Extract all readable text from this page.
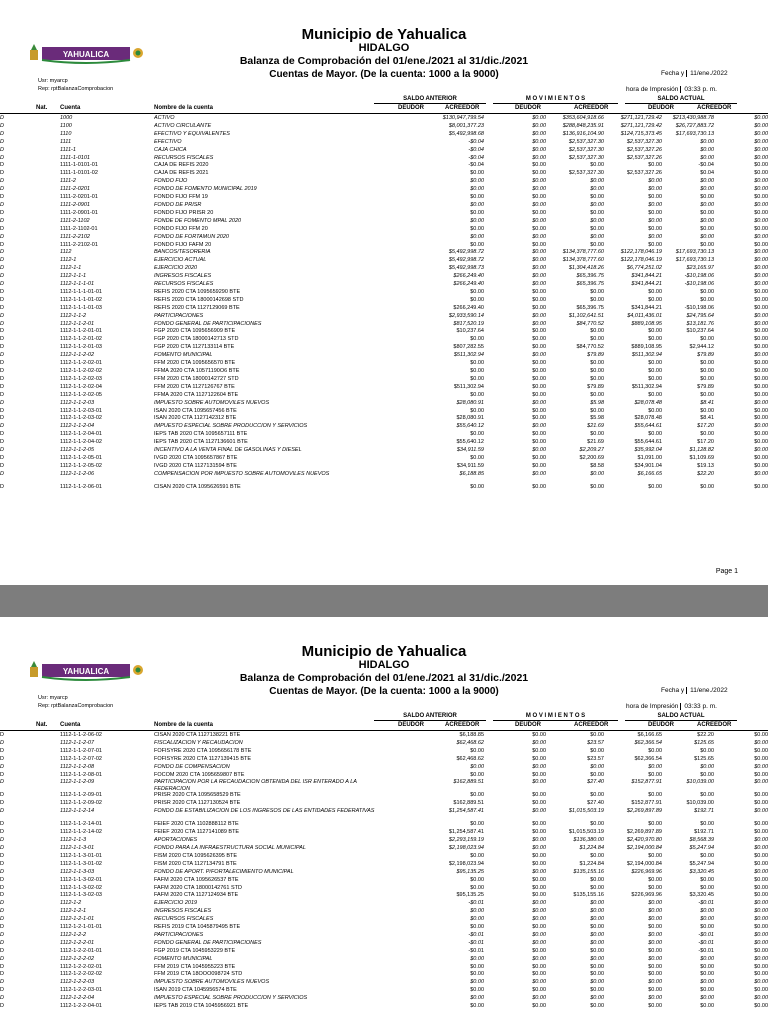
YAHUALICA
Municipio de Yahualica
HIDALGO
Balanza de Comprobación del 01/ene./2021 al 31/dic./2021
Cuentas de Mayor. (De la cuenta: 1000 a la 9000)
Usr: myarcp
Rep: rptBalanzaComprobacion
Fecha y 11/ene./2022
hora de Impresión 03:33 p. m.
SALDO ANTERIOR	M O V I M I E N T O S	SALDO ACTUAL
Nat. Cuenta	Nombre de la cuenta	DEUDOR	ACREEDOR	DEUDOR	ACREEDOR	DEUDOR	ACREEDOR
D		1000	ACTIVO		$130,947,799.54	$0.00	$353,604,918.66	$271,121,729.42	$213,430,988.78	$0.00
D		1100	ACTIVO CIRCULANTE		$8,001,377.23	$0.00	$288,848,235.91	$271,121,729.42	$26,727,883.72	$0.00
D		1110	EFECTIVO Y EQUIVALENTES		$5,492,998.68	$0.00	$136,916,104.90	$124,715,373.45	$17,693,730.13	$0.00
D		1111	EFECTIVO		-$0.04	$0.00	$2,537,327.30	$2,537,327.30	$0.00	$0.00
D		1111-1	CAJA CHICA		-$0.04	$0.00	$2,537,327.30	$2,537,327.26	$0.00	$0.00
D		1111-1-0101	RECURSOS FISCALES		-$0.04	$0.00	$2,537,327.30	$2,537,327.26	$0.00	$0.00
D		1111-1-0101-01	CAJA DE REFIS 2020		-$0.04	$0.00	$0.00	$0.00	-$0.04	$0.00
D		1111-1-0101-02	CAJA DE REFIS 2021		$0.00	$0.00	$2,537,327.30	$2,537,327.26	$0.04	$0.00
D		1111-2	FONDO FIJO		$0.00	$0.00	$0.00	$0.00	$0.00	$0.00
D		1111-2-0201	FONDO DE FOMENTO MUNICIPAL 2019		$0.00	$0.00	$0.00	$0.00	$0.00	$0.00
D		1111-2-0201-01	FONDO FIJO FFM 19		$0.00	$0.00	$0.00	$0.00	$0.00	$0.00
D		1111-2-0901	FONDO DE PRISR		$0.00	$0.00	$0.00	$0.00	$0.00	$0.00
D		1111-2-0901-01	FONDO FIJO PRISR 20		$0.00	$0.00	$0.00	$0.00	$0.00	$0.00
D		1111-2-1102	FONDE DE FOMENTO MPAL 2020		$0.00	$0.00	$0.00	$0.00	$0.00	$0.00
D		1111-2-1102-01	FONDO FIJO FFM 20		$0.00	$0.00	$0.00	$0.00	$0.00	$0.00
D		1111-2-2102	FONDO DE FORTAMUN 2020		$0.00	$0.00	$0.00	$0.00	$0.00	$0.00
D		1111-2-2102-01	FONDO FIJO FAFM 20		$0.00	$0.00	$0.00	$0.00	$0.00	$0.00
D		1112	BANCOS/TESORERIA		$5,492,998.72	$0.00	$134,378,777.60	$122,178,046.19	$17,693,730.13	$0.00
D		1112-1	EJERCICIO ACTUAL		$5,492,998.72	$0.00	$134,378,777.60	$122,178,046.19	$17,693,730.13	$0.00
D		1112-1-1	EJERCICIO 2020		$5,492,998.73	$0.00	$1,304,418.26	$6,774,251.02	$23,165.97	$0.00
D		1112-1-1-1	INGRESOS FISCALES		$266,249.40	$0.00	$65,396.75	$341,844.21	-$10,198.06	$0.00
D		1112-1-1-1-01	RECURSOS FISCALES		$266,249.40	$0.00	$65,396.75	$341,844.21	-$10,198.06	$0.00
D		1112-1-1-1-01-01	REFIS 2020 CTA 1095659290 BTE		$0.00	$0.00	$0.00	$0.00	$0.00	$0.00
D		1112-1-1-1-01-02	REFIS 2020 CTA 18000142698 STD		$0.00	$0.00	$0.00	$0.00	$0.00	$0.00
D		1112-1-1-1-01-03	REFIS 2020 CTA 1127129069 BTE		$266,249.40	$0.00	$65,396.75	$341,844.21	-$10,198.06	$0.00
D		1112-1-1-2	PARTICIPACIONES		$2,933,590.14	$0.00	$1,102,641.51	$4,011,436.01	$24,795.64	$0.00
D		1112-1-1-2-01	FONDO GENERAL DE PARTICIPACIONES		$817,520.19	$0.00	$84,770.52	$889,108.95	$13,181.76	$0.00
D		1112-1-1-2-01-01	FGP 2020 CTA 1095656909 BTE		$10,237.64	$0.00	$0.00	$0.00	$10,237.64	$0.00
D		1112-1-1-2-01-02	FGP 2020 CTA 18000142713 STD		$0.00	$0.00	$0.00	$0.00	$0.00	$0.00
D		1112-1-1-2-01-03	FGP 2020 CTA 1127133114 BTE		$807,282.55	$0.00	$84,770.52	$889,108.95	$2,944.12	$0.00
D		1112-1-1-2-02	FOMENTO MUNICIPAL		$511,302.94	$0.00	$79.89	$511,302.94	$79.89	$0.00
D		1112-1-1-2-02-01	FFM 2020 CTA 1095656570 BTE		$0.00	$0.00	$0.00	$0.00	$0.00	$0.00
D		1112-1-1-2-02-02	FFMA 2020 CTA 10571190O6 BTE		$0.00	$0.00	$0.00	$0.00	$0.00	$0.00
D		1112-1-1-2-02-03	FFM 2020 CTA 18000142727 STD		$0.00	$0.00	$0.00	$0.00	$0.00	$0.00
D		1112-1-1-2-02-04	FFM 2020 CTA 1127126767 BTE		$511,302.94	$0.00	$79.89	$511,302.94	$79.89	$0.00
D		1112-1-1-2-02-05	FFMA 2020 CTA 1127122604 BTE		$0.00	$0.00	$0.00	$0.00	$0.00	$0.00
D		1112-1-1-2-03	IMPUESTO SOBRE AUTOMOVILES NUEVOS		$28,080.91	$0.00	$5.98	$28,078.48	$8.41	$0.00
D		1112-1-1-2-03-01	ISAN 2020 CTA 1095657456 BTE		$0.00	$0.00	$0.00	$0.00	$0.00	$0.00
D		1112-1-1-2-03-02	ISAN 2020 CTA 1127142312 BTE		$28,080.91	$0.00	$5.98	$28,078.48	$8.41	$0.00
D		1112-1-1-2-04	IMPUESTO ESPECIAL SOBRE PRODUCCION Y SERVICIOS		$55,640.12	$0.00	$21.69	$55,644.61	$17.20	$0.00
D		1112-1-1-2-04-01	IEPS TAB 2020 CTA 1095657111 BTE		$0.00	$0.00	$0.00	$0.00	$0.00	$0.00
D		1112-1-1-2-04-02	IEPS TAB 2020 CTA 1127136601 BTE		$55,640.12	$0.00	$21.69	$55,644.61	$17.20	$0.00
D		1112-1-1-2-05	INCENTIVO A LA VENTA FINAL DE GASOLINAS Y DIESEL		$34,911.59	$0.00	$2,209.27	$35,992.04	$1,128.82	$0.00
D		1112-1-1-2-05-01	IVGD 2020 CTA 1095657867 BTE		$0.00	$0.00	$2,200.69	$1,091.00	$1,109.69	$0.00
D		1112-1-1-2-05-02	IVGD 2020 CTA 1127131594 BTE		$34,911.59	$0.00	$8.58	$34,901.04	$19.13	$0.00
D		1112-1-1-2-06	COMPENSACION POR IMPUESTO SOBRE AUTOMOVILES NUEVOS		$6,188.85	$0.00	$0.00	$6,166.65	$22.20	$0.00
D		1112-1-1-2-06-01	CISAN 2020 CTA 1095626591 BTE		$0.00	$0.00	$0.00	$0.00	$0.00	$0.00
Page 1
YAHUALICA
Municipio de Yahualica
HIDALGO
Balanza de Comprobación del 01/ene./2021 al 31/dic./2021
Cuentas de Mayor. (De la cuenta: 1000 a la 9000)
Usr: myarcp
Rep: rptBalanzaComprobacion
Fecha y 11/ene./2022
hora de Impresión 03:33 p. m.
SALDO ANTERIOR	M O V I M I E N T O S	SALDO ACTUAL
Nat. Cuenta	Nombre de la cuenta	DEUDOR	ACREEDOR	DEUDOR	ACREEDOR	DEUDOR	ACREEDOR
D		1112-1-1-2-06-02	CISAN 2020 CTA 1127138221 BTE		$6,188.85	$0.00	$0.00	$6,166.65	$22.20	$0.00
D		1112-1-1-2-07	FISCALIZACION Y RECAUDACION		$62,468.62	$0.00	$23.57	$62,366.54	$125.65	$0.00
D		1112-1-1-2-07-01	FOFISYRE 2020 CTA 1095656178 BTE		$0.00	$0.00	$0.00	$0.00	$0.00	$0.00
D		1112-1-1-2-07-02	FOFISYRE 2020 CTA 1127139415 BTE		$62,468.62	$0.00	$23.57	$62,366.54	$125.65	$0.00
D		1112-1-1-2-08	FONDO DE COMPENSACION		$0.00	$0.00	$0.00	$0.00	$0.00	$0.00
D		1112-1-1-2-08-01	FOCOM 2020 CTA 1095659807 BTE		$0.00	$0.00	$0.00	$0.00	$0.00	$0.00
D		1112-1-1-2-09	PARTICIPACION POR LA RECAUDACION OBTENIDA DEL ISR ENTERADO A LA FEDERACION		$162,889.51	$0.00	$27.40	$152,877.91	$10,039.00	$0.00
D		1112-1-1-2-09-01	PRISR 2020 CTA 1095658529 BTE		$0.00	$0.00	$0.00	$0.00	$0.00	$0.00
D		1112-1-1-2-09-02	PRISR 2020 CTA 1127130524 BTE		$162,889.51	$0.00	$27.40	$152,877.91	$10,039.00	$0.00
D		1112-1-1-2-14	FONDO DE ESTABILIZACION DE LOS INGRESOS DE LAS ENTIDADES FEDERATIVAS		$1,254,587.41	$0.00	$1,015,503.19	$2,269,897.89	$192.71	$0.00
D		1112-1-1-2-14-01	FEIEF 2020 CTA 1102888112 BTE		$0.00	$0.00	$0.00	$0.00	$0.00	$0.00
D		1112-1-1-2-14-02	FEIEF 2020 CTA 1127141089 BTE		$1,254,587.41	$0.00	$1,015,503.19	$2,269,897.89	$192.71	$0.00
D		1112-1-1-3	APORTACIONES		$2,293,159.19	$0.00	$136,380.00	$2,420,970.80	$8,568.39	$0.00
D		1112-1-1-3-01	FONDO PARA LA INFRAESTRUCTURA SOCIAL MUNICIPAL		$2,198,023.94	$0.00	$1,224.84	$2,194,000.84	$5,247.94	$0.00
D		1112-1-1-3-01-01	FISM 2020 CTA 1095626395 BTE		$0.00	$0.00	$0.00	$0.00	$0.00	$0.00
D		1112-1-1-3-01-02	FISM 2020 CTA 1127134791 BTE		$2,198,023.94	$0.00	$1,224.84	$2,194,000.84	$5,247.94	$0.00
D		1112-1-1-3-03	FONDO DE APORT. P/FORTALECIMIENTO MUNICIPAL		$95,135.25	$0.00	$135,155.16	$226,969.96	$3,320.45	$0.00
D		1112-1-1-3-02-01	FAFM 2020 CTA 1095626537 BTE		$0.00	$0.00	$0.00	$0.00	$0.00	$0.00
D		1112-1-1-3-02-02	FAFM 2020 CTA 18000142761 STD		$0.00	$0.00	$0.00	$0.00	$0.00	$0.00
D		1112-1-1-3-02-03	FAFM 2020 CTA 1127124934 BTE		$95,135.25	$0.00	$135,155.16	$226,969.96	$3,320.45	$0.00
D		1112-1-2	EJERCICIO 2019		-$0.01	$0.00	$0.00	$0.00	-$0.01	$0.00
D		1112-1-2-1	INGRESOS FISCALES		$0.00	$0.00	$0.00	$0.00	$0.00	$0.00
D		1112-1-2-1-01	RECURSOS FISCALES		$0.00	$0.00	$0.00	$0.00	$0.00	$0.00
D		1112-1-2-1-01-01	REFIS 2019 CTA 1045879495 BTE		$0.00	$0.00	$0.00	$0.00	$0.00	$0.00
D		1112-1-2-2	PARTICIPACIONES		-$0.01	$0.00	$0.00	$0.00	-$0.01	$0.00
D		1112-1-2-2-01	FONDO GENERAL DE PARTICIPACIONES		-$0.01	$0.00	$0.00	$0.00	-$0.01	$0.00
D		1112-1-2-2-01-01	FGP 2019 CTA 1045953229 BTE		-$0.01	$0.00	$0.00	$0.00	-$0.01	$0.00
D		1112-1-2-2-02	FOMENTO MUNICIPAL		$0.00	$0.00	$0.00	$0.00	$0.00	$0.00
D		1112-1-2-2-02-01	FFM 2019 CTA 1045955223 BTE		$0.00	$0.00	$0.00	$0.00	$0.00	$0.00
D		1112-1-2-2-02-02	FFM 2019 CTA 18OOO098724 STD		$0.00	$0.00	$0.00	$0.00	$0.00	$0.00
D		1112-1-2-2-03	IMPUESTO SOBRE AUTOMOVILES NUEVOS		$0.00	$0.00	$0.00	$0.00	$0.00	$0.00
D		1112-1-2-2-03-01	ISAN 2019 CTA 1045956574 BTE		$0.00	$0.00	$0.00	$0.00	$0.00	$0.00
D		1112-1-2-2-04	IMPUESTO ESPECIAL SOBRE PRODUCCION Y SERVICIOS		$0.00	$0.00	$0.00	$0.00	$0.00	$0.00
D		1112-1-2-2-04-01	IEPS TAB 2019 CTA 1045956921 BTE		$0.00	$0.00	$0.00	$0.00	$0.00	$0.00
